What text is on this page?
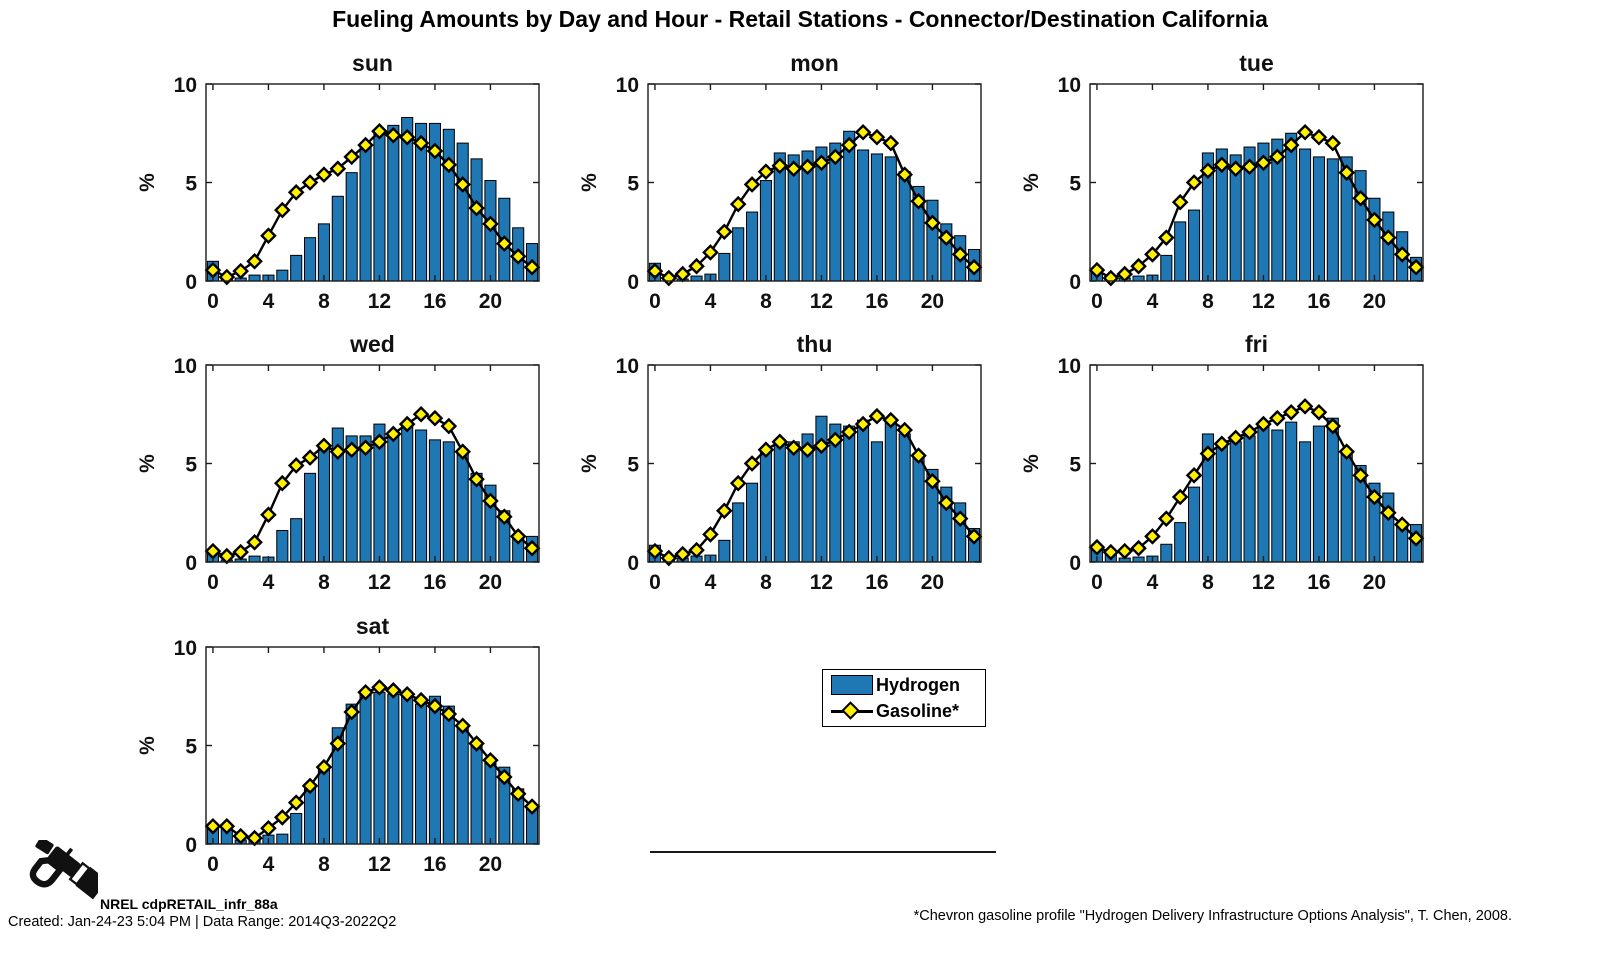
Fueling Amounts by Day and Hour - Retail Stations - Connector/Destination California
0 4 8 12 16 20
0
5
10
%
sun
0 4 8 12 16 20
0
5
10
%
mon
0 4 8 12 16 20
0
5
10
%
tue
0 4 8 12 16 20
0
5
10
%
wed
0 4 8 12 16 20
0
5
10
%
thu
0 4 8 12 16 20
0
5
10
%
fri
0 4 8 12 16 20
0
5
10
%
sat
Hydrogen
Gasoline*
NREL cdpRETAIL_infr_88a
Created: Jan-24-23 5:04 PM | Data Range: 2014Q3-2022Q2	*Chevron gasoline profile "Hydrogen Delivery Infrastructure Options Analysis", T. Chen, 2008.
